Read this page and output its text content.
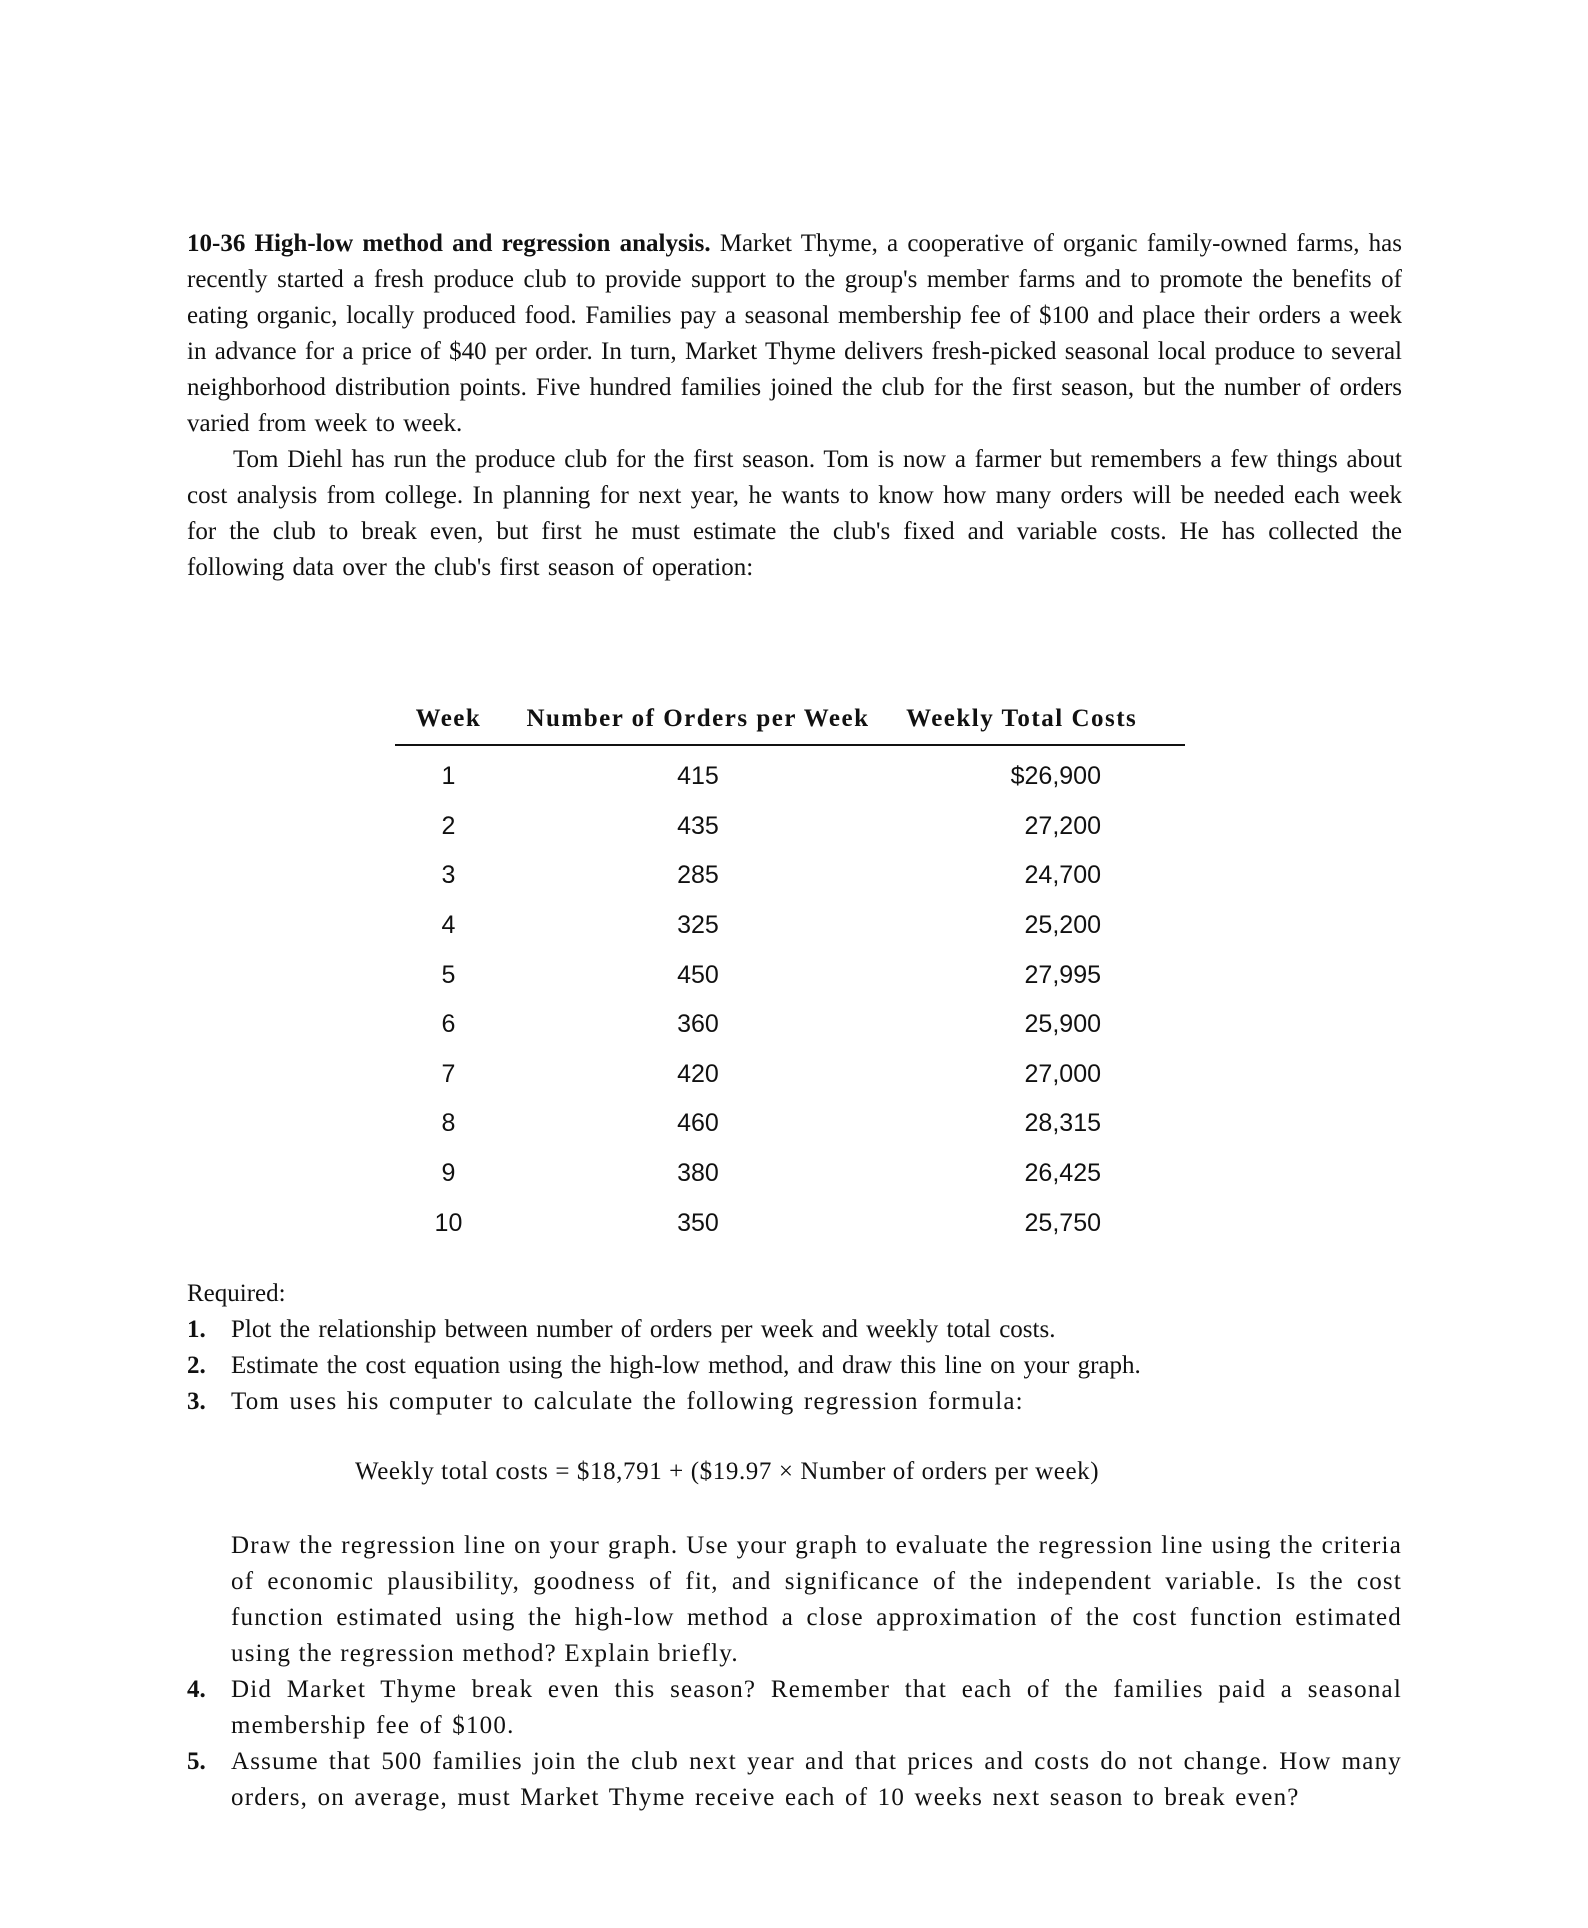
10-36 High-low method and regression analysis. Market Thyme, a cooperative of organic family-owned farms, has recently started a fresh produce club to provide support to the group's member farms and to promote the benefits of eating organic, locally produced food. Families pay a seasonal membership fee of $100 and place their orders a week in advance for a price of $40 per order. In turn, Market Thyme delivers fresh-picked seasonal local produce to several neighborhood distribution points. Five hundred families joined the club for the first season, but the number of orders varied from week to week.

Tom Diehl has run the produce club for the first season. Tom is now a farmer but remembers a few things about cost analysis from college. In planning for next year, he wants to know how many orders will be needed each week for the club to break even, but first he must estimate the club's fixed and variable costs. He has collected the following data over the club's first season of operation:

Week	Number of Orders per Week	Weekly Total Costs
1	415	$26,900
2	435	27,200
3	285	24,700
4	325	25,200
5	450	27,995
6	360	25,900
7	420	27,000
8	460	28,315
9	380	26,425
10	350	25,750

Required:

1.	Plot the relationship between number of orders per week and weekly total costs.
2.	Estimate the cost equation using the high-low method, and draw this line on your graph.
3.	Tom uses his computer to calculate the following regression formula:

Weekly total costs = $18,791 + ($19.97 × Number of orders per week)

Draw the regression line on your graph. Use your graph to evaluate the regression line using the criteria of economic plausibility, goodness of fit, and significance of the independent variable. Is the cost function estimated using the high-low method a close approximation of the cost function estimated using the regression method? Explain briefly.

4.	Did Market Thyme break even this season? Remember that each of the families paid a seasonal membership fee of $100.
5.	Assume that 500 families join the club next year and that prices and costs do not change. How many orders, on average, must Market Thyme receive each of 10 weeks next season to break even?
